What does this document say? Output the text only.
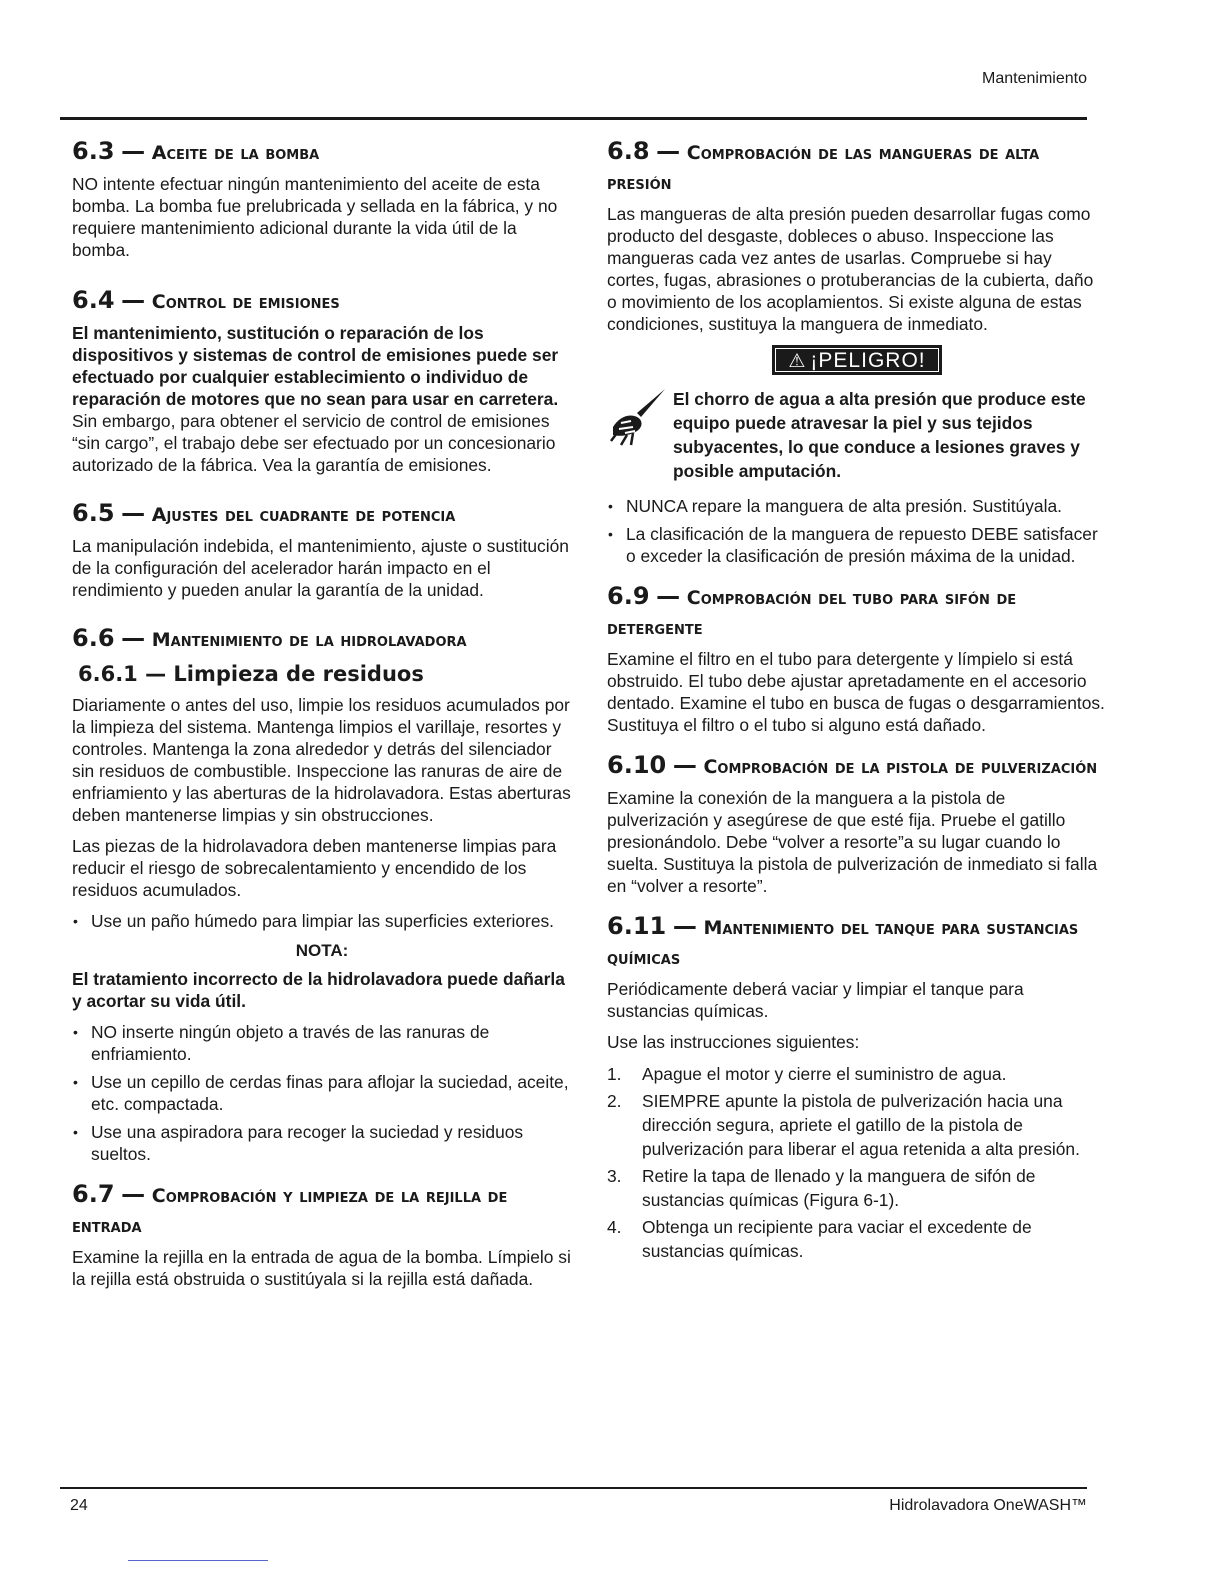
Mantenimiento
6.3 — Aceite de la bomba

NO intente efectuar ningún mantenimiento del aceite de esta bomba. La bomba fue prelubricada y sellada en la fábrica, y no requiere mantenimiento adicional durante la vida útil de la bomba.

6.4 — Control de emisiones

El mantenimiento, sustitución o reparación de los dispositivos y sistemas de control de emisiones puede ser efectuado por cualquier establecimiento o individuo de reparación de motores que no sean para usar en carretera. Sin embargo, para obtener el servicio de control de emisiones “sin cargo”, el trabajo debe ser efectuado por un concesionario autorizado de la fábrica. Vea la garantía de emisiones.

6.5 — Ajustes del cuadrante de potencia

La manipulación indebida, el mantenimiento, ajuste o sustitución de la configuración del acelerador harán impacto en el rendimiento y pueden anular la garantía de la unidad.

6.6 — Mantenimiento de la hidrolavadora
6.6.1 — Limpieza de residuos

Diariamente o antes del uso, limpie los residuos acumulados por la limpieza del sistema. Mantenga limpios el varillaje, resortes y controles. Mantenga la zona alrededor y detrás del silenciador sin residuos de combustible. Inspeccione las ranuras de aire de enfriamiento y las aberturas de la hidrolavadora. Estas aberturas deben mantenerse limpias y sin obstrucciones.

Las piezas de la hidrolavadora deben mantenerse limpias para reducir el riesgo de sobrecalentamiento y encendido de los residuos acumulados.

• Use un paño húmedo para limpiar las superficies exteriores.
NOTA:

El tratamiento incorrecto de la hidrolavadora puede dañarla y acortar su vida útil.

• NO inserte ningún objeto a través de las ranuras de enfriamiento.
• Use un cepillo de cerdas finas para aflojar la suciedad, aceite, etc. compactada.
• Use una aspiradora para recoger la suciedad y residuos sueltos.
6.7 — Comprobación y limpieza de la rejilla de entrada

Examine la rejilla en la entrada de agua de la bomba. Límpielo si la rejilla está obstruida o sustitúyala si la rejilla está dañada.

6.8 — Comprobación de las mangueras de alta presión

Las mangueras de alta presión pueden desarrollar fugas como producto del desgaste, dobleces o abuso. Inspeccione las mangueras cada vez antes de usarlas. Compruebe si hay cortes, fugas, abrasiones o protuberancias de la cubierta, daño o movimiento de los acoplamientos. Si existe alguna de estas condiciones, sustituya la manguera de inmediato.

⚠ ¡PELIGRO!

El chorro de agua a alta presión que produce este equipo puede atravesar la piel y sus tejidos subyacentes, lo que conduce a lesiones graves y posible amputación.

• NUNCA repare la manguera de alta presión. Sustitúyala.
• La clasificación de la manguera de repuesto DEBE satisfacer o exceder la clasificación de presión máxima de la unidad.
6.9 — Comprobación del tubo para sifón de detergente

Examine el filtro en el tubo para detergente y límpielo si está obstruido. El tubo debe ajustar apretadamente en el accesorio dentado. Examine el tubo en busca de fugas o desgarramientos. Sustituya el filtro o el tubo si alguno está dañado.

6.10 — Comprobación de la pistola de pulverización

Examine la conexión de la manguera a la pistola de pulverización y asegúrese de que esté fija. Pruebe el gatillo presionándolo. Debe “volver a resorte”a su lugar cuando lo suelta. Sustituya la pistola de pulverización de inmediato si falla en “volver a resorte”.

6.11 — Mantenimiento del tanque para sustancias químicas

Periódicamente deberá vaciar y limpiar el tanque para sustancias químicas.

Use las instrucciones siguientes:

1. Apague el motor y cierre el suministro de agua.
2. SIEMPRE apunte la pistola de pulverización hacia una dirección segura, apriete el gatillo de la pistola de pulverización para liberar el agua retenida a alta presión.
3. Retire la tapa de llenado y la manguera de sifón de sustancias químicas (Figura 6-1).
4. Obtenga un recipiente para vaciar el excedente de sustancias químicas.
24	Hidrolavadora OneWASH™
